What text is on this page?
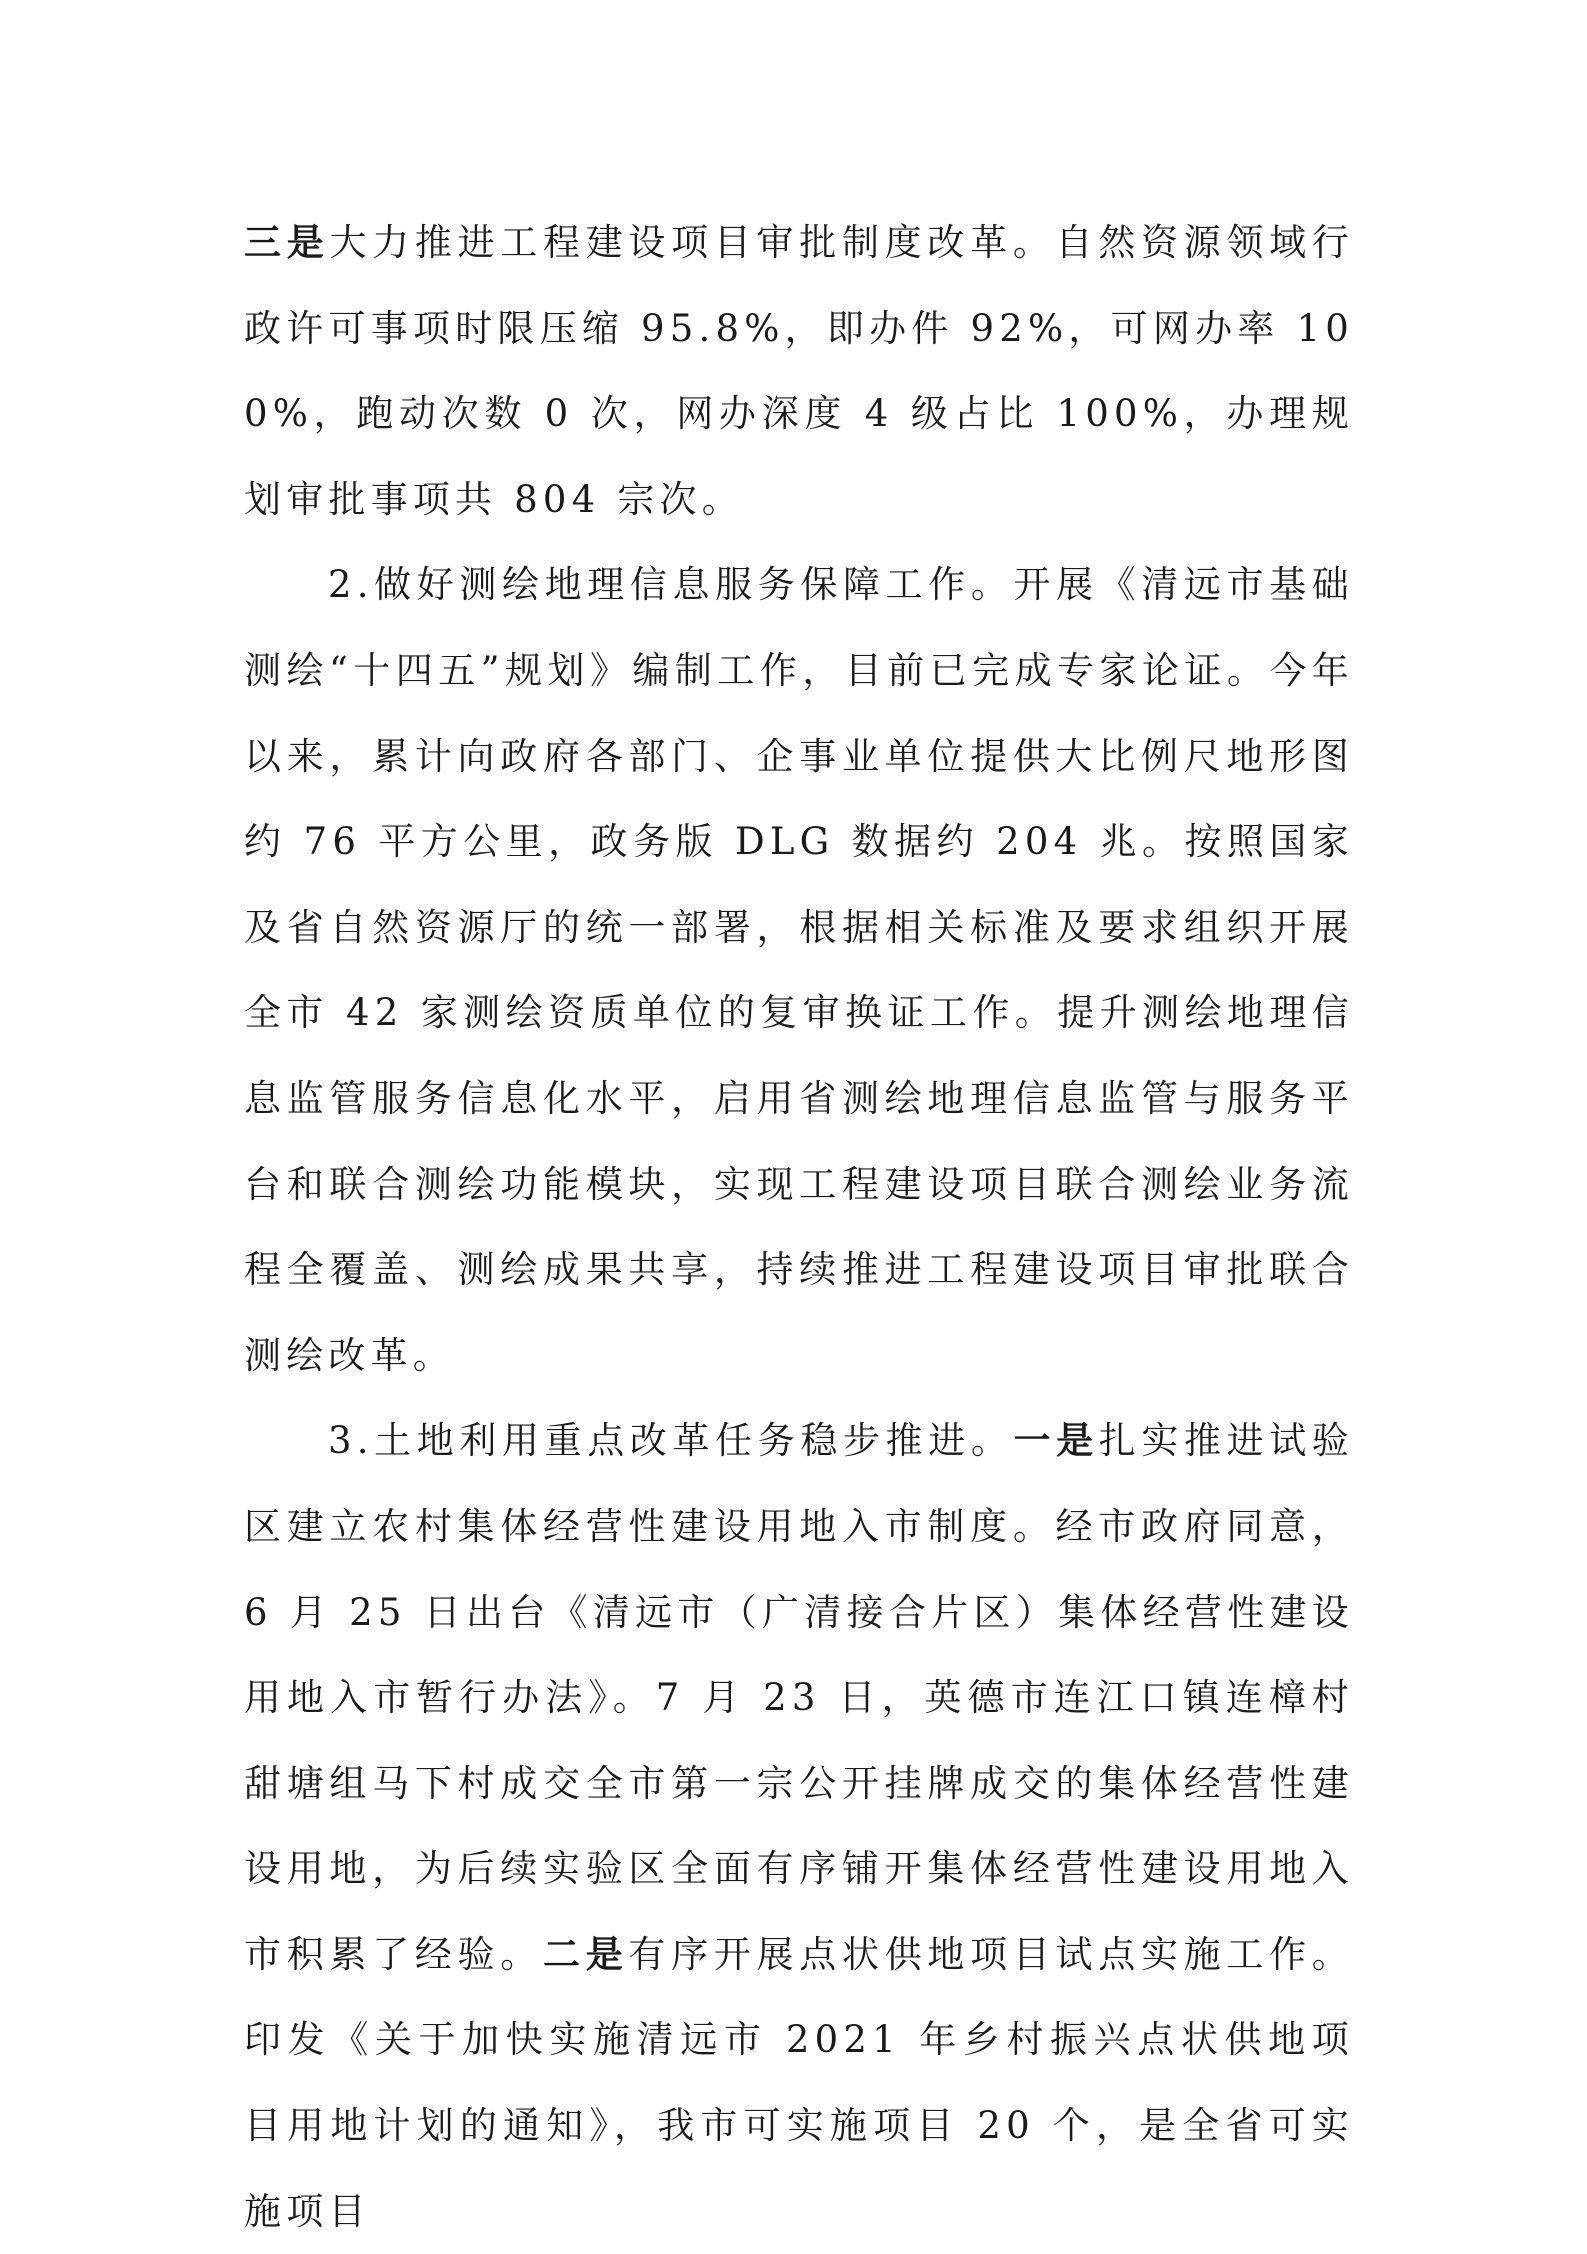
三是大力推进工程建设项目审批制度改革。自然资源领域行政许可事项时限压缩 95.8%，即办件 92%，可网办率 100%，跑动次数 0 次，网办深度 4 级占比 100%，办理规划审批事项共 804 宗次。

2.做好测绘地理信息服务保障工作。开展《清远市基础测绘“十四五”规划》编制工作，目前已完成专家论证。今年以来，累计向政府各部门、企事业单位提供大比例尺地形图约 76 平方公里，政务版 DLG 数据约 204 兆。按照国家及省自然资源厅的统一部署，根据相关标准及要求组织开展全市 42 家测绘资质单位的复审换证工作。提升测绘地理信息监管服务信息化水平，启用省测绘地理信息监管与服务平台和联合测绘功能模块，实现工程建设项目联合测绘业务流程全覆盖、测绘成果共享，持续推进工程建设项目审批联合测绘改革。

3.土地利用重点改革任务稳步推进。一是扎实推进试验区建立农村集体经营性建设用地入市制度。经市政府同意，6 月 25 日出台《清远市（广清接合片区）集体经营性建设用地入市暂行办法》。7 月 23 日，英德市连江口镇连樟村甜塘组马下村成交全市第一宗公开挂牌成交的集体经营性建设用地，为后续实验区全面有序铺开集体经营性建设用地入市积累了经验。二是有序开展点状供地项目试点实施工作。印发《关于加快实施清远市 2021 年乡村振兴点状供地项目用地计划的通知》，我市可实施项目 20 个，是全省可实施项目
